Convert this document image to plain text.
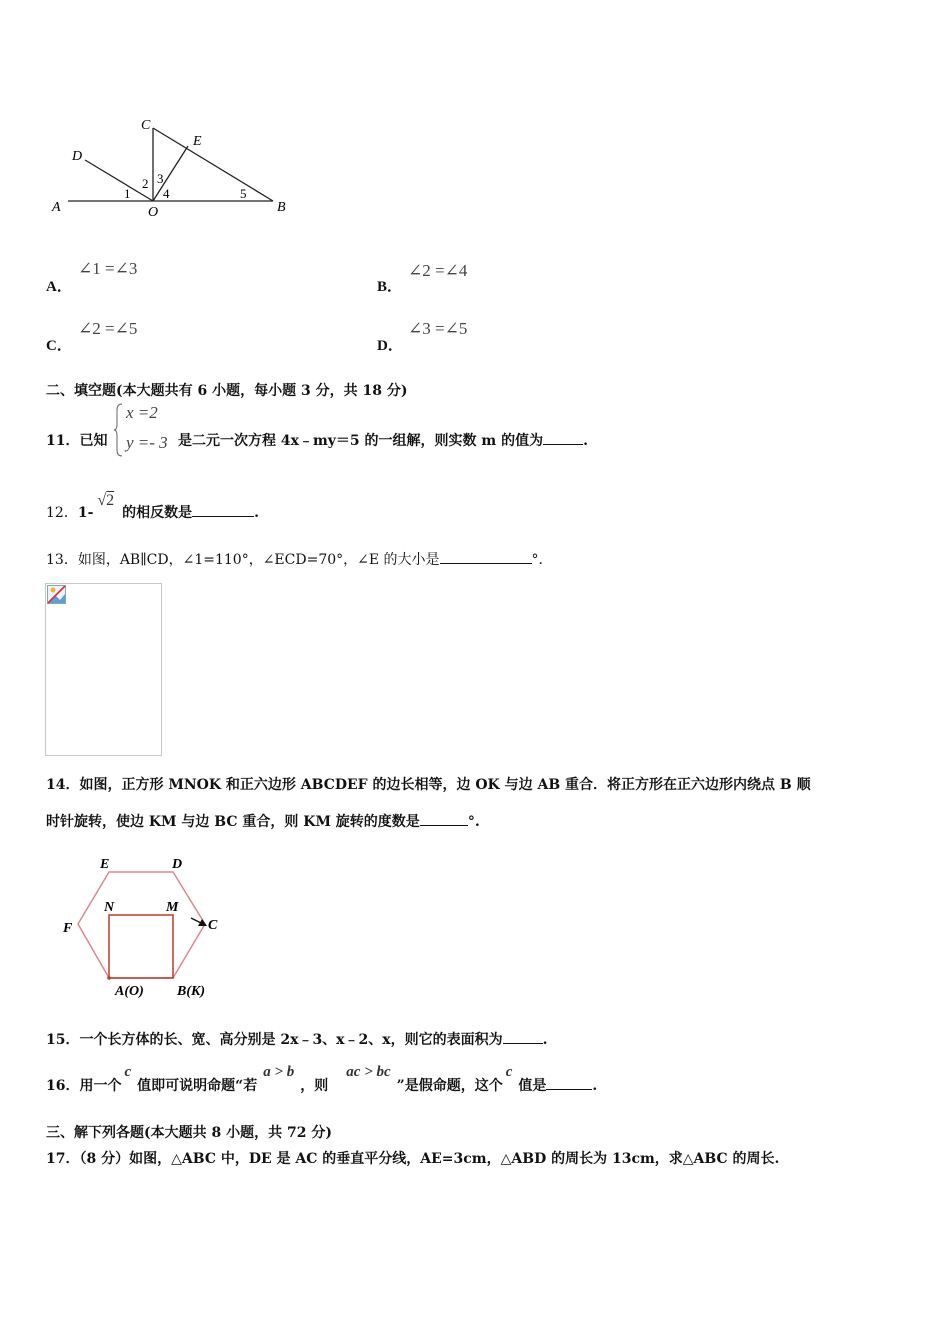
A	O	B
C
D
E
1
2 3
4	5
A．
∠1 =∠3
B．
∠2 =∠4
C．
∠2 =∠5
D．
∠3 =∠5
二、填空题(本大题共有 6 小题，每小题 3 分，共 18 分)
11．已知
x =2
y =- 3 是二元一次方程 4x﹣my＝5 的一组解，则实数 m 的值为	.
12．1-√2的相反数是	.
13．如图，AB∥CD，∠1=110°，∠ECD=70°，∠E 的大小是	°．
14．如图，正方形 MNOK 和正六边形 ABCDEF 的边长相等，边 OK 与边 AB 重合．将正方形在正六边形内绕点 B 顺
时针旋转，使边 KM 与边 BC 重合，则 KM 旋转的度数是	°.
E	D
F	C
N	M
A(O) B(K)
15．一个长方体的长、宽、高分别是 2x﹣3、x﹣2、x，则它的表面积为	.
16．用一个c值即可说明命题“若a > b，则ac > bc”是假命题，这个c值是	.
三、解下列各题(本大题共 8 小题，共 72 分)
17．（8 分）如图，△ABC 中，DE 是 AC 的垂直平分线，AE=3cm，△ABD 的周长为 13cm，求△ABC 的周长.
